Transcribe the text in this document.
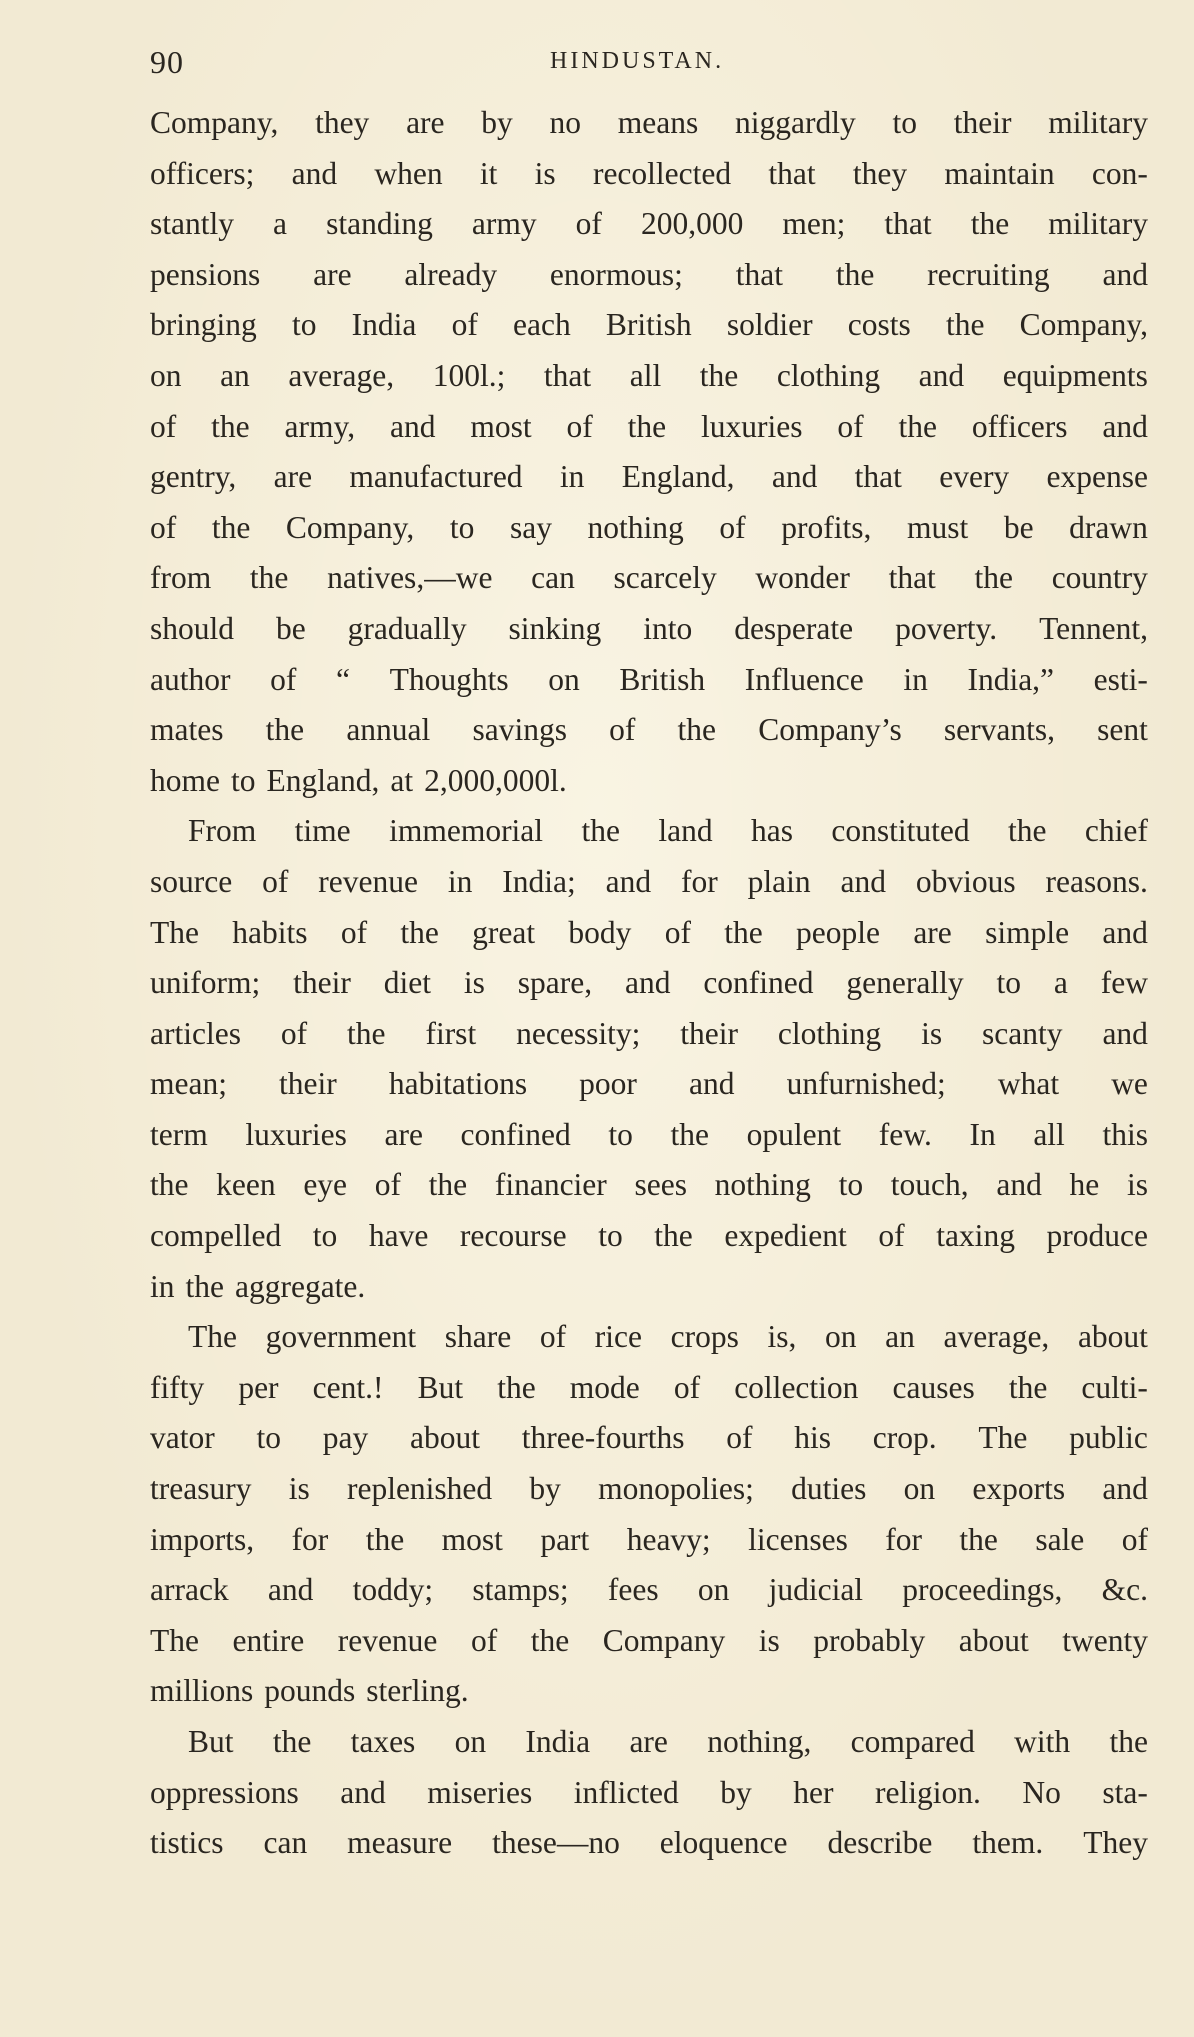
90	HINDUSTAN.
Company, they are by no means niggardly to their military
officers; and when it is recollected that they maintain con-
stantly a standing army of 200,000 men; that the military
pensions are already enormous; that the recruiting and
bringing to India of each British soldier costs the Company,
on an average, 100l.; that all the clothing and equipments
of the army, and most of the luxuries of the officers and
gentry, are manufactured in England, and that every expense
of the Company, to say nothing of profits, must be drawn
from the natives,—we can scarcely wonder that the country
should be gradually sinking into desperate poverty. Tennent,
author of “ Thoughts on British Influence in India,” esti-
mates the annual savings of the Company’s servants, sent
home to England, at 2,000,000l.
From time immemorial the land has constituted the chief
source of revenue in India; and for plain and obvious reasons.
The habits of the great body of the people are simple and
uniform; their diet is spare, and confined generally to a few
articles of the first necessity; their clothing is scanty and
mean; their habitations poor and unfurnished; what we
term luxuries are confined to the opulent few. In all this
the keen eye of the financier sees nothing to touch, and he is
compelled to have recourse to the expedient of taxing produce
in the aggregate.
The government share of rice crops is, on an average, about
fifty per cent.! But the mode of collection causes the culti-
vator to pay about three-fourths of his crop. The public
treasury is replenished by monopolies; duties on exports and
imports, for the most part heavy; licenses for the sale of
arrack and toddy; stamps; fees on judicial proceedings, &c.
The entire revenue of the Company is probably about twenty
millions pounds sterling.
But the taxes on India are nothing, compared with the
oppressions and miseries inflicted by her religion. No sta-
tistics can measure these—no eloquence describe them. They
